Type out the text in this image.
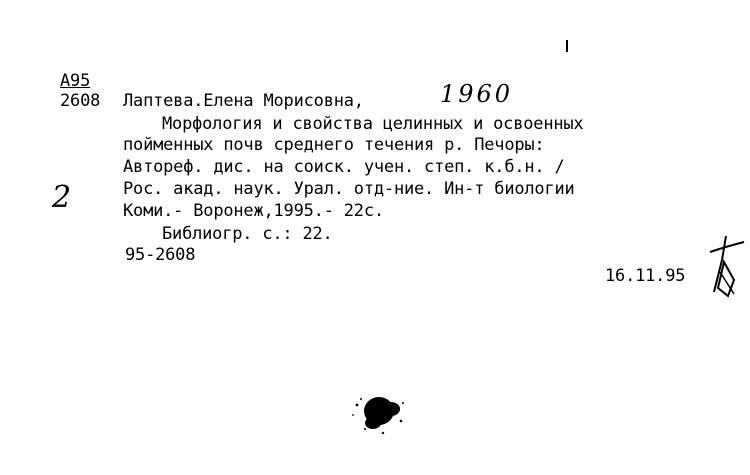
А95
2608 Лаптева.Елена Морисовна,	1960
Морфология и свойства целинных и освоенных
пойменных почв среднего течения р. Печоры:
Автореф. дис. на соиск. учен. степ. к.б.н. /
Рос. акад. наук. Урал. отд-ние. Ин-т биологии
Коми.- Воронеж,1995.- 22с.
2
Библиогр. с.: 22.
95-2608
16.11.95
